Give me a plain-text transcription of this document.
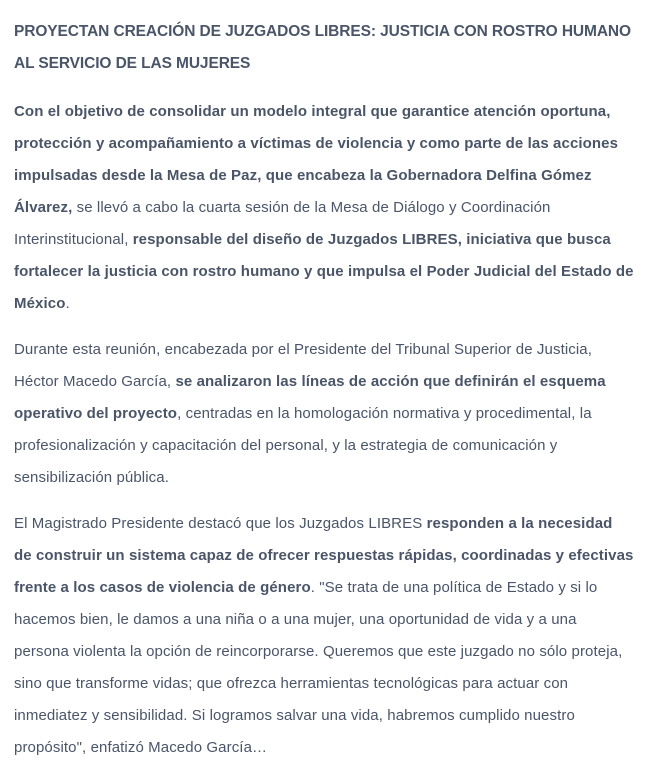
PROYECTAN CREACIÓN DE JUZGADOS LIBRES: JUSTICIA CON ROSTRO HUMANO AL SERVICIO DE LAS MUJERES

Con el objetivo de consolidar un modelo integral que garantice atención oportuna, protección y acompañamiento a víctimas de violencia y como parte de las acciones impulsadas desde la Mesa de Paz, que encabeza la Gobernadora Delfina Gómez Álvarez, se llevó a cabo la cuarta sesión de la Mesa de Diálogo y Coordinación Interinstitucional, responsable del diseño de Juzgados LIBRES, iniciativa que busca fortalecer la justicia con rostro humano y que impulsa el Poder Judicial del Estado de México.

Durante esta reunión, encabezada por el Presidente del Tribunal Superior de Justicia, Héctor Macedo García, se analizaron las líneas de acción que definirán el esquema operativo del proyecto, centradas en la homologación normativa y procedimental, la profesionalización y capacitación del personal, y la estrategia de comunicación y sensibilización pública.

El Magistrado Presidente destacó que los Juzgados LIBRES responden a la necesidad de construir un sistema capaz de ofrecer respuestas rápidas, coordinadas y efectivas frente a los casos de violencia de género. "Se trata de una política de Estado y si lo hacemos bien, le damos a una niña o a una mujer, una oportunidad de vida y a una persona violenta la opción de reincorporarse. Queremos que este juzgado no sólo proteja, sino que transforme vidas; que ofrezca herramientas tecnológicas para actuar con inmediatez y sensibilidad. Si logramos salvar una vida, habremos cumplido nuestro propósito", enfatizó Macedo García…
